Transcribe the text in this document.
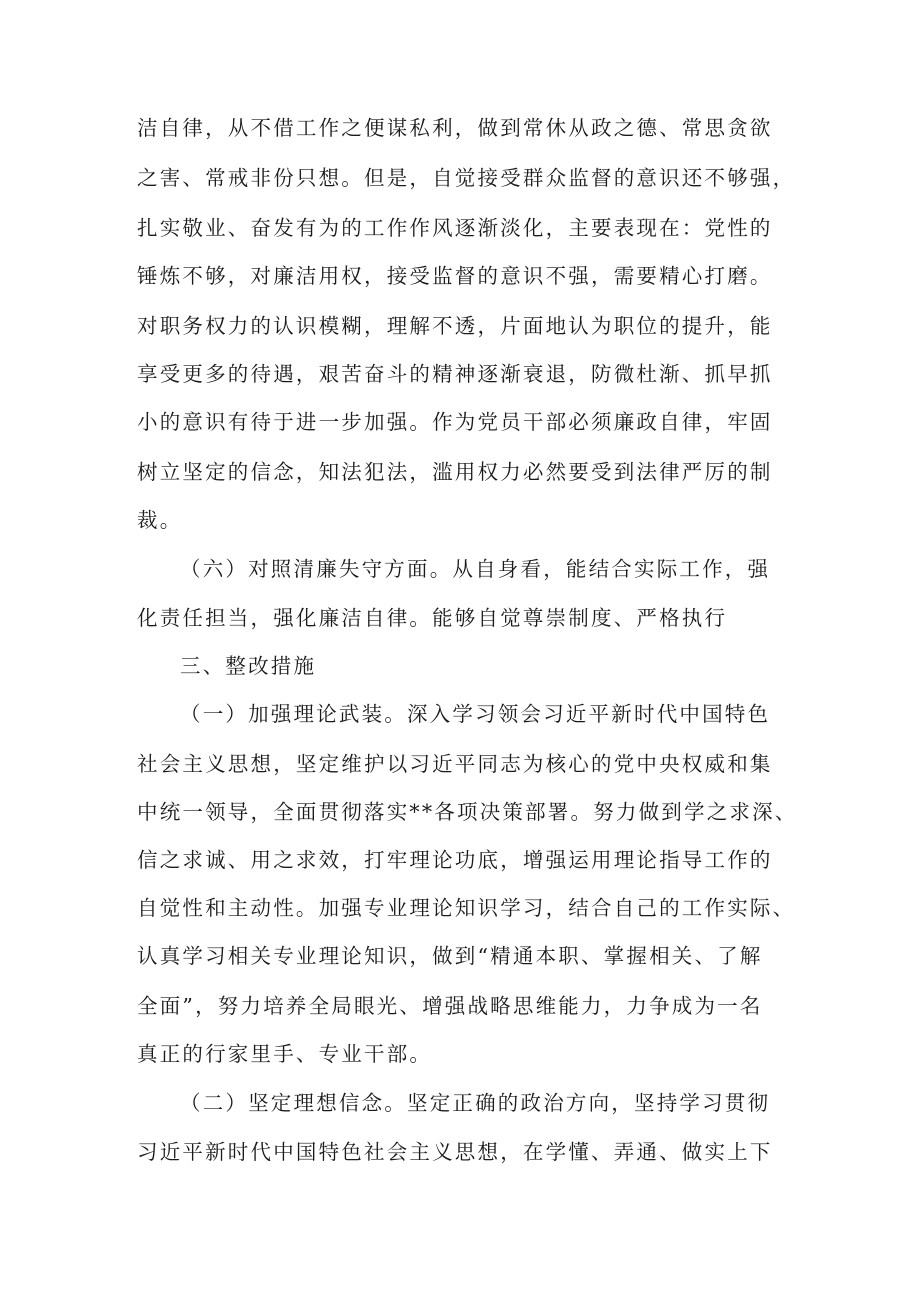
洁自律，从不借工作之便谋私利，做到常休从政之德、常思贪欲
之害、常戒非份只想。但是，自觉接受群众监督的意识还不够强，
扎实敬业、奋发有为的工作作风逐渐淡化，主要表现在：党性的
锤炼不够，对廉洁用权，接受监督的意识不强，需要精心打磨。
对职务权力的认识模糊，理解不透，片面地认为职位的提升，能
享受更多的待遇，艰苦奋斗的精神逐渐衰退，防微杜渐、抓早抓
小的意识有待于进一步加强。作为党员干部必须廉政自律，牢固
树立坚定的信念，知法犯法，滥用权力必然要受到法律严厉的制
裁。
（六）对照清廉失守方面。从自身看，能结合实际工作，强
化责任担当，强化廉洁自律。能够自觉尊崇制度、严格执行
三、整改措施
（一）加强理论武装。深入学习领会习近平新时代中国特色
社会主义思想，坚定维护以习近平同志为核心的党中央权威和集
中统一领导，全面贯彻落实**各项决策部署。努力做到学之求深、
信之求诚、用之求效，打牢理论功底，增强运用理论指导工作的
自觉性和主动性。加强专业理论知识学习，结合自己的工作实际、
认真学习相关专业理论知识，做到“精通本职、掌握相关、了解
全面”，努力培养全局眼光、增强战略思维能力，力争成为一名
真正的行家里手、专业干部。
（二）坚定理想信念。坚定正确的政治方向，坚持学习贯彻
习近平新时代中国特色社会主义思想，在学懂、弄通、做实上下
